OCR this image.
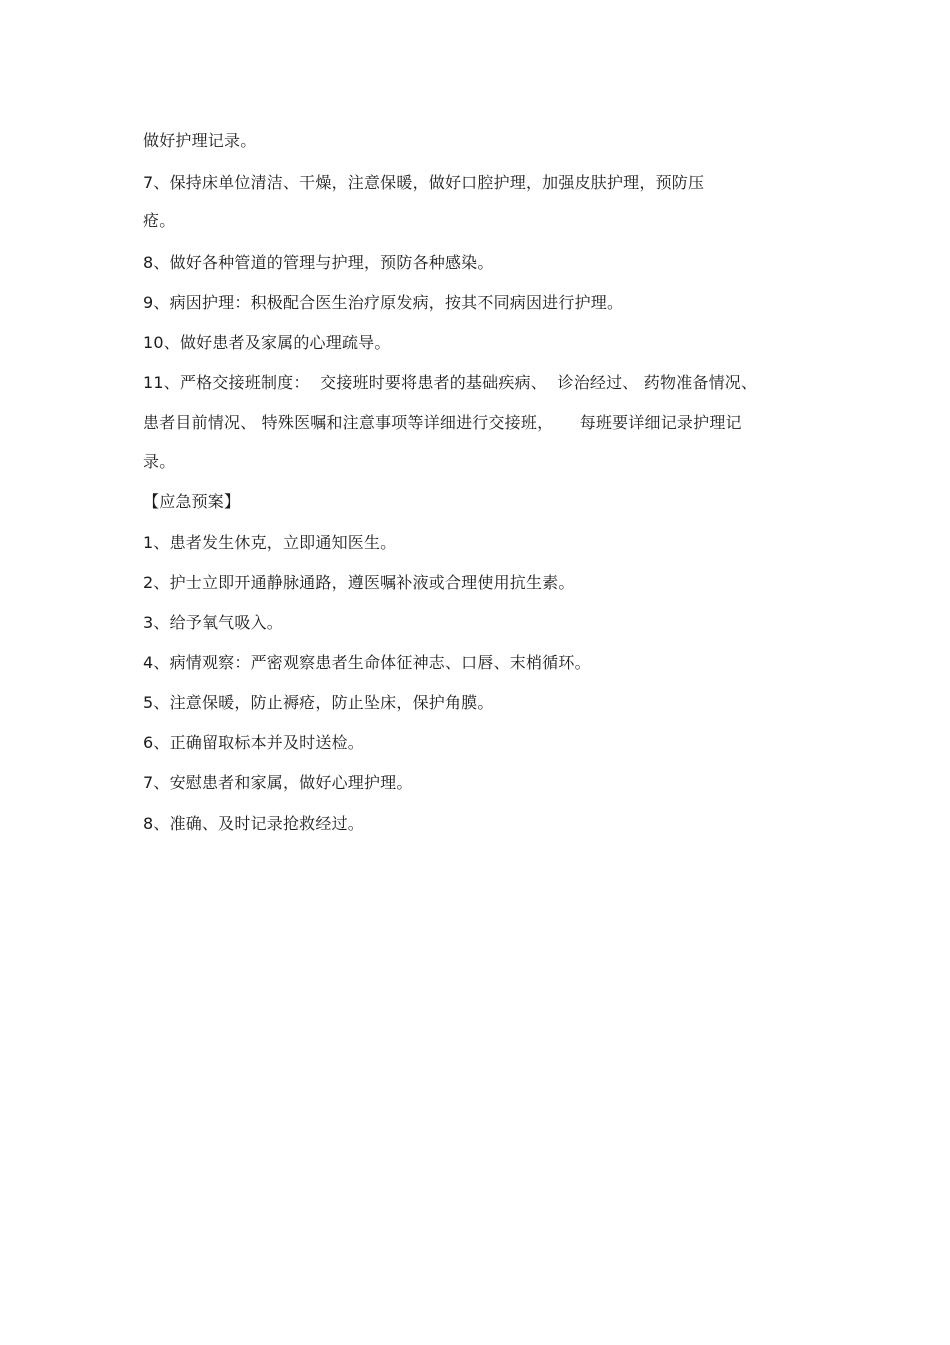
做好护理记录。
7、保持床单位清洁、干燥，注意保暖，做好口腔护理，加强皮肤护理，预防压
疮。
8、做好各种管道的管理与护理，预防各种感染。
9、病因护理：积极配合医生治疗原发病，按其不同病因进行护理。
10、做好患者及家属的心理疏导。
11、严格交接班制度：  交接班时要将患者的基础疾病、  诊治经过、 药物准备情况、
患者目前情况、 特殊医嘱和注意事项等详细进行交接班，     每班要详细记录护理记
录。
【应急预案】
1、患者发生休克，立即通知医生。
2、护士立即开通静脉通路，遵医嘱补液或合理使用抗生素。
3、给予氧气吸入。
4、病情观察：严密观察患者生命体征神志、口唇、末梢循环。
5、注意保暖，防止褥疮，防止坠床，保护角膜。
6、正确留取标本并及时送检。
7、安慰患者和家属，做好心理护理。
8、准确、及时记录抢救经过。
